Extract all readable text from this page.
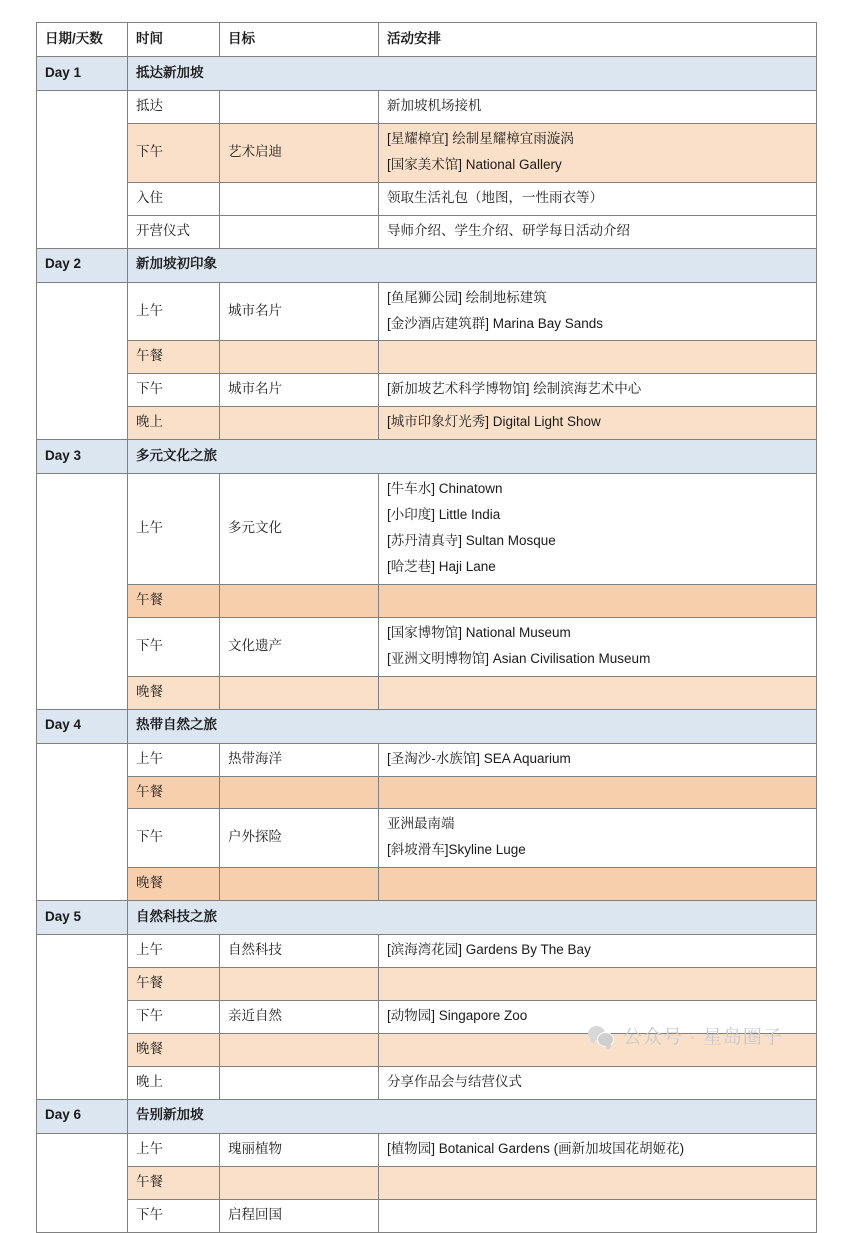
日期/天数	时间	目标	活动安排
Day 1	抵达新加坡		
	抵达		新加坡机场接机

	下午	艺术启迪	[星耀樟宜] 绘制星耀樟宜雨漩涡
[国家美术馆] National Gallery

	入住		领取生活礼包（地图，一性雨衣等）

	开营仪式		导师介绍、学生介绍、研学每日活动介绍

Day 2	新加坡初印象		
	上午	城市名片	[鱼尾狮公园] 绘制地标建筑
[金沙酒店建筑群] Marina Bay Sands

	午餐		
	下午	城市名片	[新加坡艺术科学博物馆] 绘制滨海艺术中心

	晚上		[城市印象灯光秀] Digital Light Show

Day 3	多元文化之旅		
	上午	多元文化	[牛车水] Chinatown
[小印度] Little India
[苏丹清真寺] Sultan Mosque
[哈芝巷] Haji Lane

	午餐		
	下午	文化遗产	[国家博物馆] National Museum
[亚洲文明博物馆] Asian Civilisation Museum

	晚餐		
Day 4	热带自然之旅		
	上午	热带海洋	[圣淘沙-水族馆] SEA Aquarium

	午餐		
	下午	户外探险	亚洲最南端
[斜坡滑车]Skyline Luge

	晚餐		
Day 5	自然科技之旅		
	上午	自然科技	[滨海湾花园] Gardens By The Bay

	午餐		
	下午	亲近自然	[动物园] Singapore Zoo

	晚餐		
	晚上		分享作品会与结营仪式

Day 6	告别新加坡		
	上午	瑰丽植物	[植物园] Botanical Gardens (画新加坡国花胡姬花)

	午餐		
	下午	启程回国	
公众号 · 星岛圈子
